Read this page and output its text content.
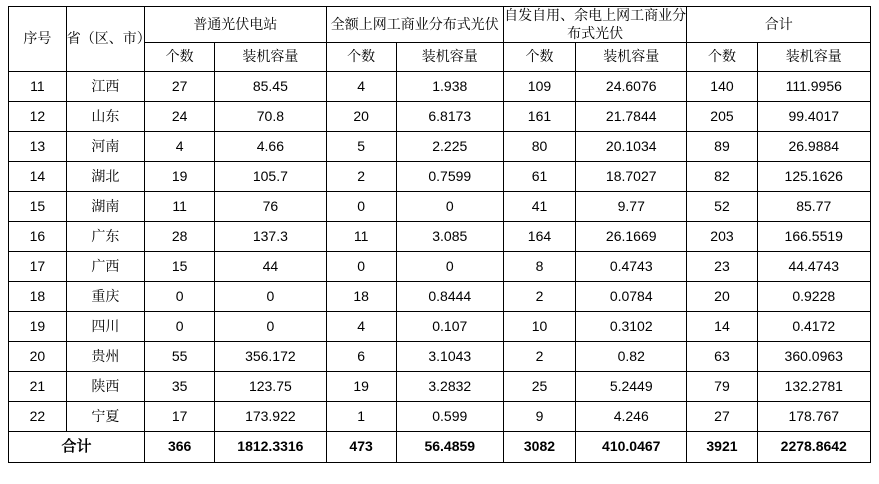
序号	省（区、市）	普通光伏电站		全额上网工商业分布式光伏		自发自用、余电上网工商业分布式光伏		合计	
		个数	装机容量	个数	装机容量	个数	装机容量	个数	装机容量
11	江西	27	85.45	4	1.938	109	24.6076	140	111.9956
12	山东	24	70.8	20	6.8173	161	21.7844	205	99.4017
13	河南	4	4.66	5	2.225	80	20.1034	89	26.9884
14	湖北	19	105.7	2	0.7599	61	18.7027	82	125.1626
15	湖南	11	76	0	0	41	9.77	52	85.77
16	广东	28	137.3	11	3.085	164	26.1669	203	166.5519
17	广西	15	44	0	0	8	0.4743	23	44.4743
18	重庆	0	0	18	0.8444	2	0.0784	20	0.9228
19	四川	0	0	4	0.107	10	0.3102	14	0.4172
20	贵州	55	356.172	6	3.1043	2	0.82	63	360.0963
21	陕西	35	123.75	19	3.2832	25	5.2449	79	132.2781
22	宁夏	17	173.922	1	0.599	9	4.246	27	178.767
合计		366	1812.3316	473	56.4859	3082	410.0467	3921	2278.8642
